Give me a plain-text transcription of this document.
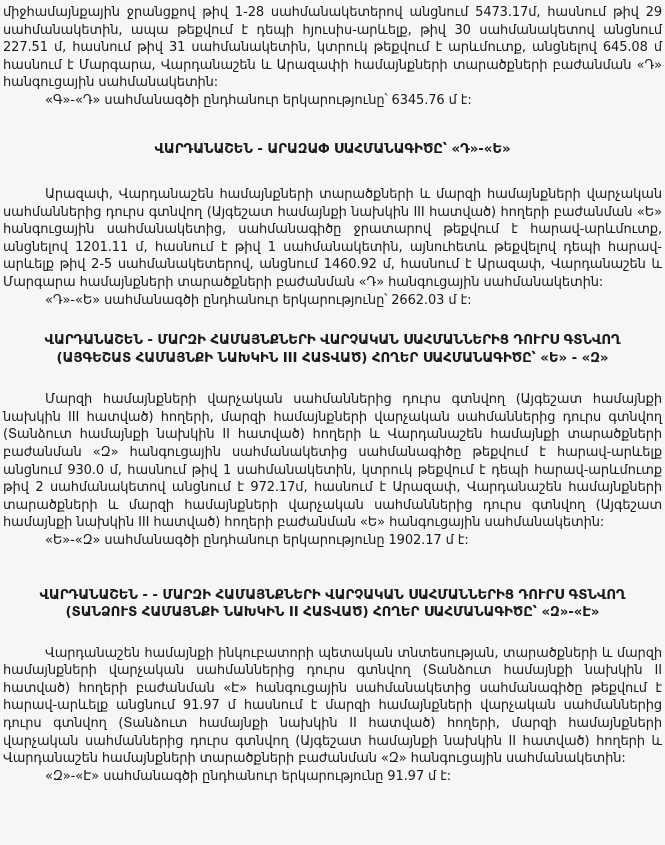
միջհամայնքային ջրանցքով թիվ 1-28 սահմանակետերով անցնում 5473.17մ, հասնում թիվ 29 սահմանակետին, ապա թեքվում է դեպի հյուսիս-արևելք, թիվ 30 սահմանակետով անցնում 227.51 մ, հասնում թիվ 31 սահմանակետին, կտրուկ թեքվում է արևմուտք, անցնելով 645.08 մ հասնում է Մարգարա, Վարդանաշեն և Արազափի համայնքների տարածքների բաժանման «Դ» հանգուցային սահմանակետին:

«Գ»-«Դ» սահմանագծի ընդհանուր երկարությունը՝ 6345.76 մ է:

ՎԱՐԴԱՆԱՇԵՆ - ԱՐԱԶԱՓ ՍԱՀՄԱՆԱԳԻԾԸ՝ «Դ»-«Ե»

Արազափ, Վարդանաշեն համայնքների տարածքների և մարզի համայնքների վարչական սահմաններից դուրս գտնվող (Այգեշատ համայնքի նախկին III հատված) հողերի բաժանման «Ե» հանգուցային սահմանակետից, սահմանագիծը ջրատարով թեքվում է հարավ-արևմուտք, անցնելով 1201.11 մ, հասնում է թիվ 1 սահմանակետին, այնուհետև թեքվելով դեպի հարավ-արևելք թիվ 2-5 սահմանակետերով, անցնում 1460.92 մ, հասնում է Արազափ, Վարդանաշեն և Մարգարա համայնքների տարածքների բաժանման «Դ» հանգուցային սահմանակետին:

«Դ»-«Ե» սահմանագծի ընդհանուր երկարությունը՝ 2662.03 մ է:

ՎԱՐԴԱՆԱՇԵՆ - ՄԱՐԶԻ ՀԱՄԱՅՆՔՆԵՐԻ ՎԱՐՉԱԿԱՆ ՍԱՀՄԱՆՆԵՐԻՑ ԴՈՒՐՍ ԳՏՆՎՈՂ (ԱՅԳԵՇԱՏ ՀԱՄԱՅՆՔԻ ՆԱԽԿԻՆ III ՀԱՏՎԱԾ) ՀՈՂԵՐ ՍԱՀՄԱՆԱԳԻԾԸ՝ «Ե» - «Զ»

Մարզի համայնքների վարչական սահմաններից դուրս գտնվող (Այգեշատ համայնքի նախկին III հատված) հողերի, մարզի համայնքների վարչական սահմաններից դուրս գտնվող (Տանձուտ համայնքի նախկին II հատված) հողերի և Վարդանաշեն համայնքի տարածքների բաժանման «Զ» հանգուցային սահմանակետից սահմանագիծը թեքվում է հարավ-արևելք անցնում 930.0 մ, հասնում թիվ 1 սահմանակետին, կտրուկ թեքվում է դեպի հարավ-արևմուտք թիվ 2 սահմանակետով անցնում է 972.17մ, հասնում է Արազափ, Վարդանաշեն համայնքների տարածքների և մարզի համայնքների վարչական սահմաններից դուրս գտնվող (Այգեշատ համայնքի նախկին III հատված) հողերի բաժանման «Ե» հանգուցային սահմանակետին:

«Ե»-«Զ» սահմանագծի ընդհանուր երկարությունը 1902.17 մ է:

ՎԱՐԴԱՆԱՇԵՆ - - ՄԱՐԶԻ ՀԱՄԱՅՆՔՆԵՐԻ ՎԱՐՉԱԿԱՆ ՍԱՀՄԱՆՆԵՐԻՑ ԴՈՒՐՍ ԳՏՆՎՈՂ (ՏԱՆՁՈՒՏ ՀԱՄԱՅՆՔԻ ՆԱԽԿԻՆ II ՀԱՏՎԱԾ) ՀՈՂԵՐ ՍԱՀՄԱՆԱԳԻԾԸ՝ «Զ»-«Է»

Վարդանաշեն համայնքի ինկուբատորի պետական տնտեսության, տարածքների և մարզի համայնքների վարչական սահմաններից դուրս գտնվող (Տանձուտ համայնքի նախկին II հատված) հողերի բաժանման «Է» հանգուցային սահմանակետից սահմանագիծը թեքվում է հարավ-արևելք անցնում 91.97 մ հասնում է մարզի համայնքների վարչական սահմաններից դուրս գտնվող (Տանձուտ համայնքի նախկին II հատված) հողերի, մարզի համայնքների վարչական սահմաններից դուրս գտնվող (Այգեշատ համայնքի նախկին II հատված) հողերի և Վարդանաշեն համայնքների տարածքների բաժանման «Զ» հանգուցային սահմանակետին:

«Զ»-«Է» սահմանագծի ընդհանուր երկարությունը 91.97 մ է:
